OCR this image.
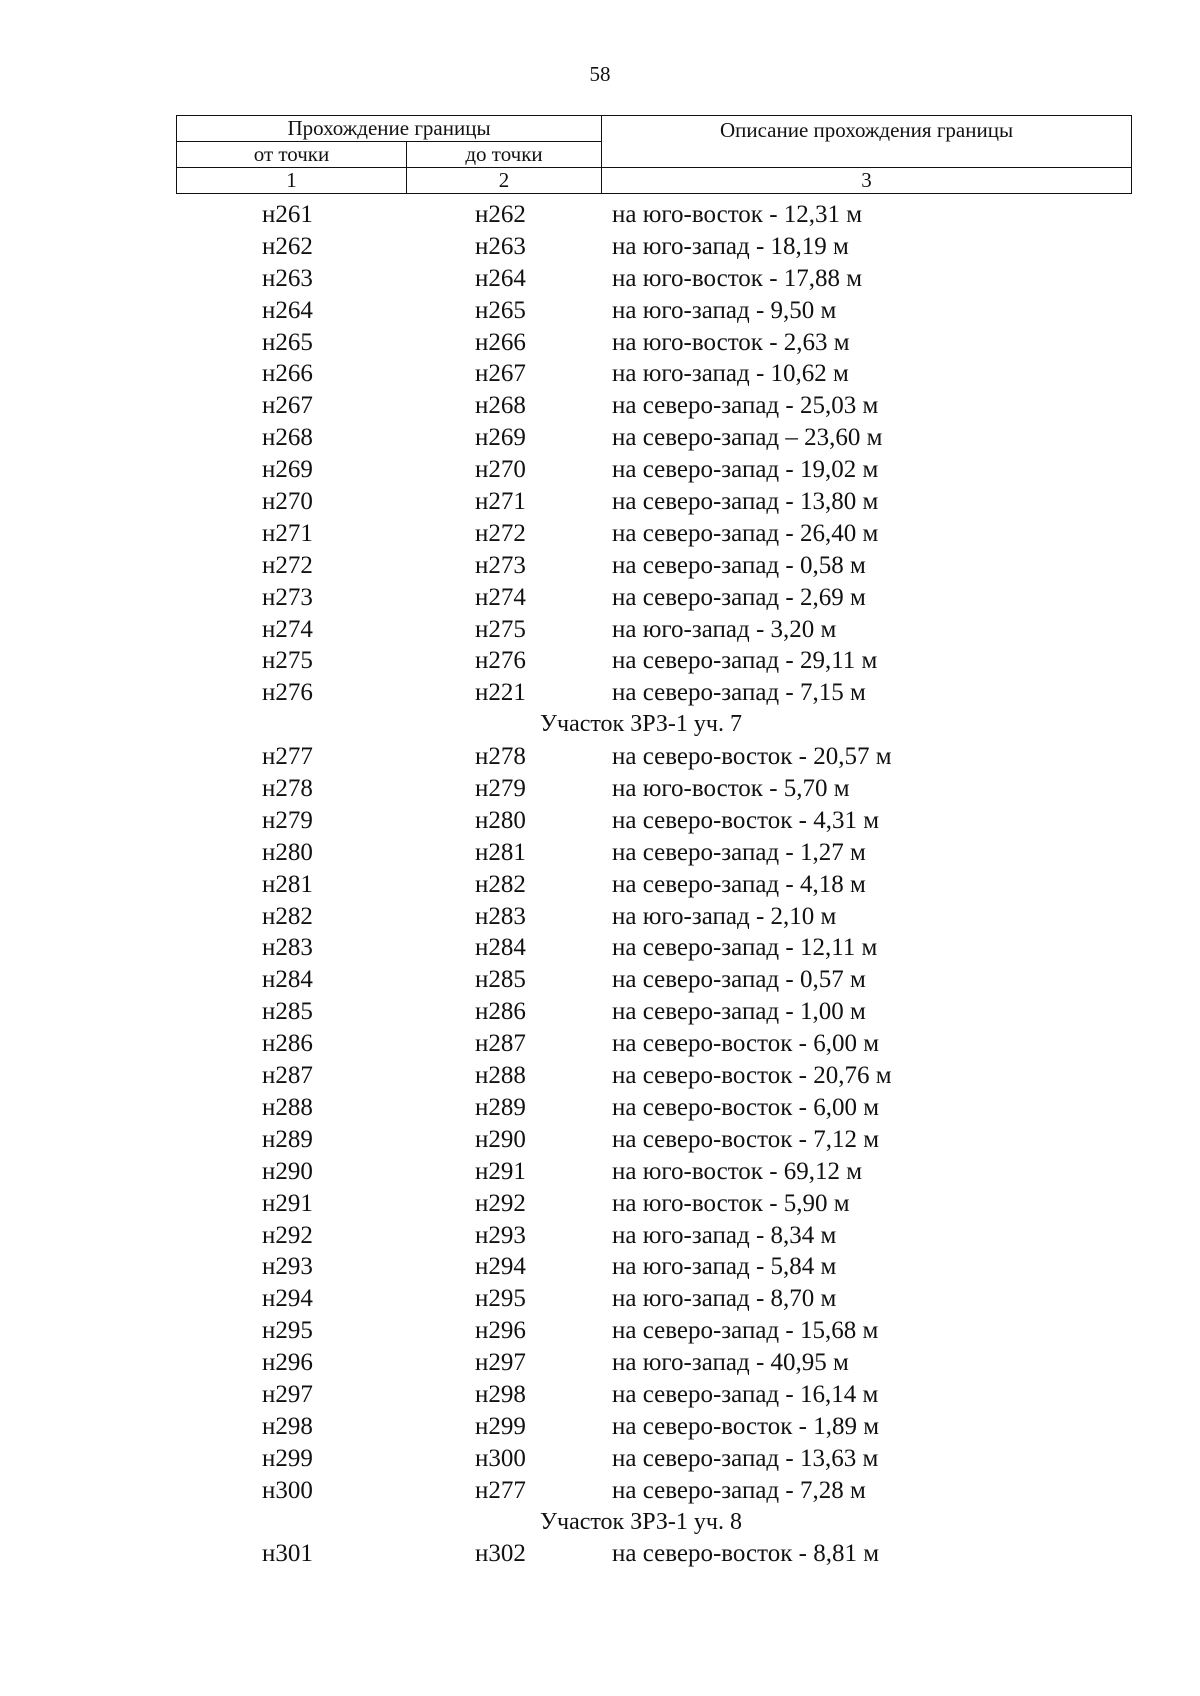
58
Прохождение границы		Описание прохождения границы
от точки	до точки	
1	2	3
н261	н262	на юго-восток - 12,31 м
н262	н263	на юго-запад - 18,19 м
н263	н264	на юго-восток - 17,88 м
н264	н265	на юго-запад - 9,50 м
н265	н266	на юго-восток - 2,63 м
н266	н267	на юго-запад - 10,62 м
н267	н268	на северо-запад - 25,03 м
н268	н269	на северо-запад – 23,60 м
н269	н270	на северо-запад - 19,02 м
н270	н271	на северо-запад - 13,80 м
н271	н272	на северо-запад - 26,40 м
н272	н273	на северо-запад - 0,58 м
н273	н274	на северо-запад - 2,69 м
н274	н275	на юго-запад - 3,20 м
н275	н276	на северо-запад - 29,11 м
н276	н221	на северо-запад - 7,15 м
Участок ЗРЗ-1 уч. 7
н277	н278	на северо-восток - 20,57 м
н278	н279	на юго-восток - 5,70 м
н279	н280	на северо-восток - 4,31 м
н280	н281	на северо-запад - 1,27 м
н281	н282	на северо-запад - 4,18 м
н282	н283	на юго-запад - 2,10 м
н283	н284	на северо-запад - 12,11 м
н284	н285	на северо-запад - 0,57 м
н285	н286	на северо-запад - 1,00 м
н286	н287	на северо-восток - 6,00 м
н287	н288	на северо-восток - 20,76 м
н288	н289	на северо-восток - 6,00 м
н289	н290	на северо-восток - 7,12 м
н290	н291	на юго-восток - 69,12 м
н291	н292	на юго-восток - 5,90 м
н292	н293	на юго-запад - 8,34 м
н293	н294	на юго-запад - 5,84 м
н294	н295	на юго-запад - 8,70 м
н295	н296	на северо-запад - 15,68 м
н296	н297	на юго-запад - 40,95 м
н297	н298	на северо-запад - 16,14 м
н298	н299	на северо-восток - 1,89 м
н299	н300	на северо-запад - 13,63 м
н300	н277	на северо-запад - 7,28 м
Участок ЗРЗ-1 уч. 8
н301	н302	на северо-восток - 8,81 м
